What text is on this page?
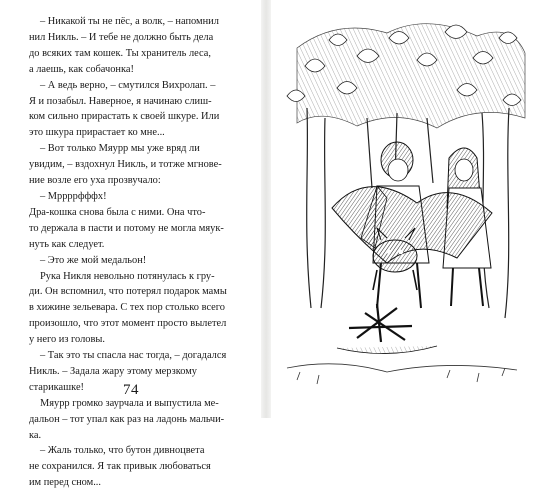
– Никакой ты не пёс, а волк, – напомнил
нил Никль. – И тебе не должно быть дела
до всяких там кошек. Ты хранитель леса,
а лаешь, как собачонка!
– А ведь верно, – смутился Вихролап. –
Я и позабыл. Наверное, я начинаю слиш-
ком сильно прирастать к своей шкуре. Или
это шкура прирастает ко мне...
– Вот только Мяурр мы уже вряд ли
увидим, – вздохнул Никль, и тотже мгнове-
ние возле его уха прозвучало:
– Мррррфффх!
Дра-кошка снова была с ними. Она что-
то держала в пасти и потому не могла мяук-
нуть как следует.
– Это же мой медальон!
Рука Никля невольно потянулась к гру-
ди. Он вспомнил, что потерял подарок мамы
в хижине зельевара. С тех пор столько всего
произошло, что этот момент просто вылетел
у него из головы.
– Так это ты спасла нас тогда, – догадался
Никль. – Задала жару этому мерзкому
старикашке!
Мяурр громко заурчала и выпустила ме-
дальон – тот упал как раз на ладонь мальчи-
ка.
– Жаль только, что бутон дивноцвета
не сохранился. Я так привык любоваться
им перед сном...
74
